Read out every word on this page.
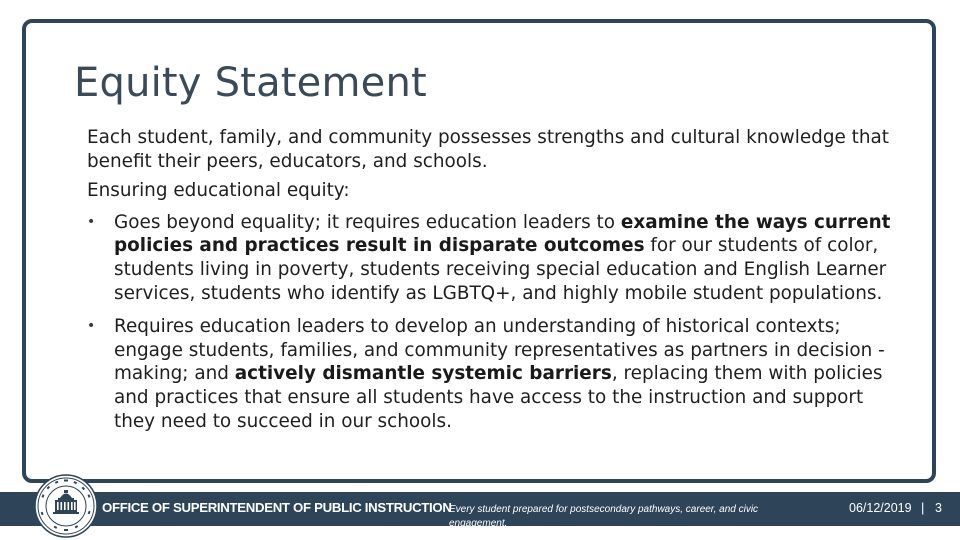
Equity Statement

Each student, family, and community possesses strengths and cultural knowledge that benefit their peers, educators, and schools.

Ensuring educational equity:

• Goes beyond equality; it requires education leaders to examine the ways current policies and practices result in disparate outcomes for our students of color, students living in poverty, students receiving special education and English Learner services, students who identify as LGBTQ+, and highly mobile student populations.
• Requires education leaders to develop an understanding of historical contexts; engage students, families, and community representatives as partners in decision -making; and actively dismantle systemic barriers, replacing them with policies and practices that ensure all students have access to the instruction and support they need to succeed in our schools.
OFFICE OF SUPERINTENDENT OF PUBLIC INSTRUCTION
Every student prepared for postsecondary pathways, career, and civic engagement.
06/12/2019 | 3
